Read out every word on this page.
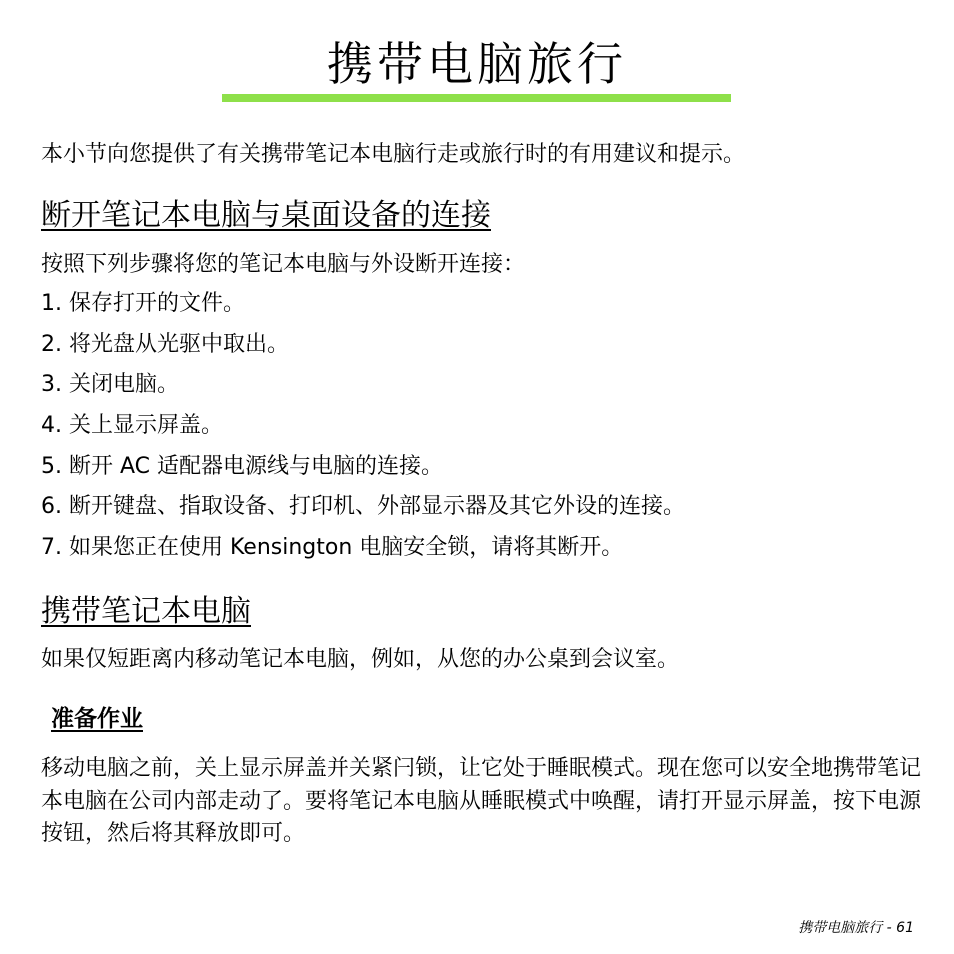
携带电脑旅行

本小节向您提供了有关携带笔记本电脑行走或旅行时的有用建议和提示。

断开笔记本电脑与桌面设备的连接

按照下列步骤将您的笔记本电脑与外设断开连接：

1. 保存打开的文件。
2. 将光盘从光驱中取出。
3. 关闭电脑。
4. 关上显示屏盖。
5. 断开 AC 适配器电源线与电脑的连接。
6. 断开键盘、指取设备、打印机、外部显示器及其它外设的连接。
7. 如果您正在使用 Kensington 电脑安全锁，请将其断开。
携带笔记本电脑

如果仅短距离内移动笔记本电脑，例如，从您的办公桌到会议室。

准备作业

移动电脑之前，关上显示屏盖并关紧闩锁，让它处于睡眠模式。现在您可以安全地携带笔记本电脑在公司内部走动了。要将笔记本电脑从睡眠模式中唤醒，请打开显示屏盖，按下电源按钮，然后将其释放即可。

携带电脑旅行 - 61
